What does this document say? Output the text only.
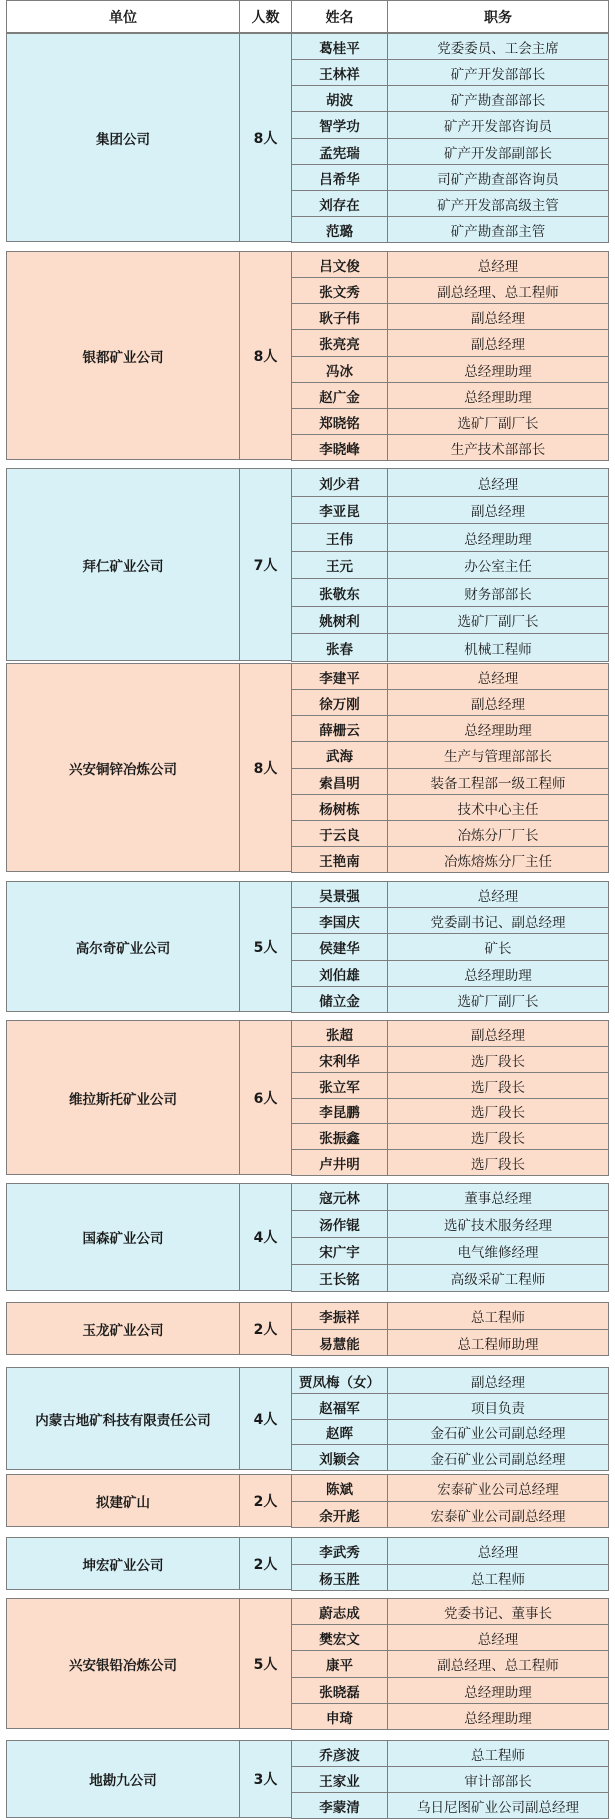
单位	人数	姓名	职务
集团公司	8人
葛桂平	党委委员、工会主席
王林祥	矿产开发部部长
胡波	矿产勘查部部长
智学功	矿产开发部咨询员
孟宪瑞	矿产开发部副部长
吕希华	司矿产勘查部咨询员
刘存在	矿产开发部高级主管
范璐	矿产勘查部主管
银都矿业公司	8人
吕文俊	总经理
张文秀	副总经理、总工程师
耿子伟	副总经理
张亮亮	副总经理
冯冰	总经理助理
赵广金	总经理助理
郑晓铭	选矿厂副厂长
李晓峰	生产技术部部长
拜仁矿业公司	7人
刘少君	总经理
李亚昆	副总经理
王伟	总经理助理
王元	办公室主任
张敬东	财务部部长
姚树利	选矿厂副厂长
张春	机械工程师
兴安铜锌冶炼公司	8人
李建平	总经理
徐万刚	副总经理
薛栅云	总经理助理
武海	生产与管理部部长
索昌明	装备工程部一级工程师
杨树栋	技术中心主任
于云良	冶炼分厂厂长
王艳南	冶炼熔炼分厂主任
高尔奇矿业公司	5人
吴景强	总经理
李国庆	党委副书记、副总经理
侯建华	矿长
刘伯雄	总经理助理
储立金	选矿厂副厂长
维拉斯托矿业公司	6人
张超	副总经理
宋利华	选厂段长
张立军	选厂段长
李昆鹏	选厂段长
张振鑫	选厂段长
卢井明	选厂段长
国森矿业公司	4人
寇元林	董事总经理
汤作锟	选矿技术服务经理
宋广宇	电气维修经理
王长铭	高级采矿工程师
玉龙矿业公司	2人
李振祥	总工程师
易慧能	总工程师助理
内蒙古地矿科技有限责任公司	4人
贾凤梅（女）	副总经理
赵福军	项目负责
赵晖	金石矿业公司副总经理
刘颖会	金石矿业公司副总经理
拟建矿山	2人
陈斌	宏泰矿业公司总经理
余开彪	宏泰矿业公司副总经理
坤宏矿业公司	2人
李武秀	总经理
杨玉胜	总工程师
兴安银铅冶炼公司	5人
蔚志成	党委书记、董事长
樊宏文	总经理
康平	副总经理、总工程师
张晓磊	总经理助理
申琦	总经理助理
地勘九公司	3人
乔彦波	总工程师
王家业	审计部部长
李蒙清	乌日尼图矿业公司副总经理
